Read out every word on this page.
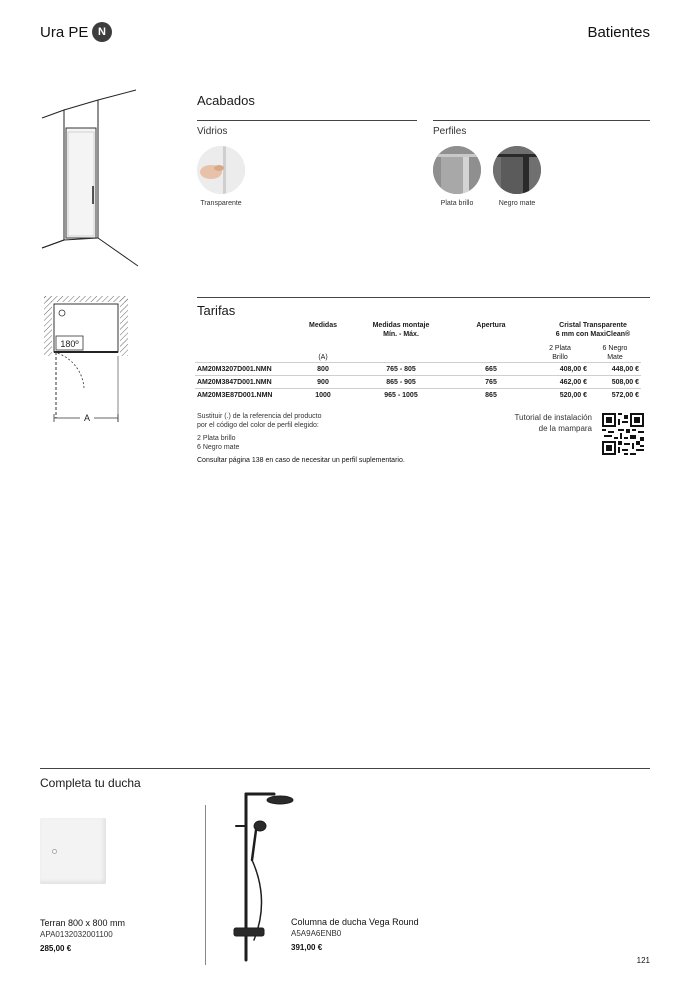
Ura PE N	Batientes
180º
A
Acabados
Vidrios	Perfiles
Transparente	Plata brillo	Negro mate
Tarifas
	Medidas	Medidas montaje
Mín. - Máx.	Apertura	Cristal Transparente
6 mm con MaxiClean®	
	(A)			2 Plata
Brillo	6 Negro
Mate
AM20M3207D001.NMN	800	765 - 805	665	408,00 €	448,00 €
AM20M3847D001.NMN	900	865 - 905	765	462,00 €	508,00 €
AM20M3E87D001.NMN	1000	965 - 1005	865	520,00 €	572,00 €
Sustituir (.) de la referencia del producto
por el código del color de perfil elegido:
2 Plata brillo
6 Negro mate
Consultar página 138 en caso de necesitar un perfil suplementario.
Tutorial de instalación
de la mampara
Completa tu ducha
Terran 800 x 800 mm
APA0132032001100
285,00 €
Columna de ducha Vega Round
A5A9A6ENB0
391,00 €
121
